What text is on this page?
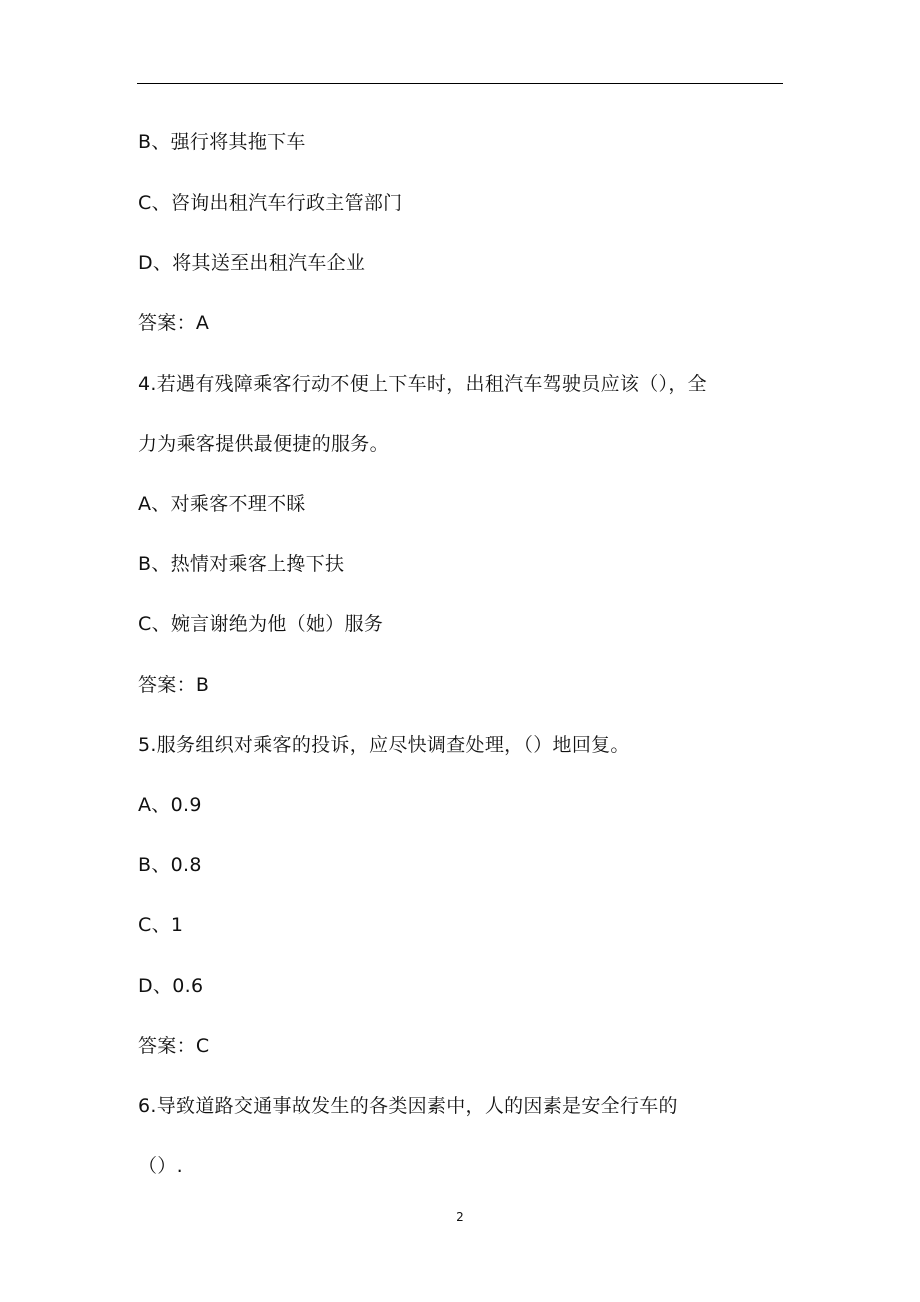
B、强行将其拖下车
C、咨询出租汽车行政主管部门
D、将其送至出租汽车企业
答案：A
4.若遇有残障乘客行动不便上下车时，出租汽车驾驶员应该（），全
力为乘客提供最便捷的服务。
A、对乘客不理不睬
B、热情对乘客上搀下扶
C、婉言谢绝为他（她）服务
答案：B
5.服务组织对乘客的投诉，应尽快调查处理，（）地回复。
A、0.9
B、0.8
C、1
D、0.6
答案：C
6.导致道路交通事故发生的各类因素中，人的因素是安全行车的
（）.
2
